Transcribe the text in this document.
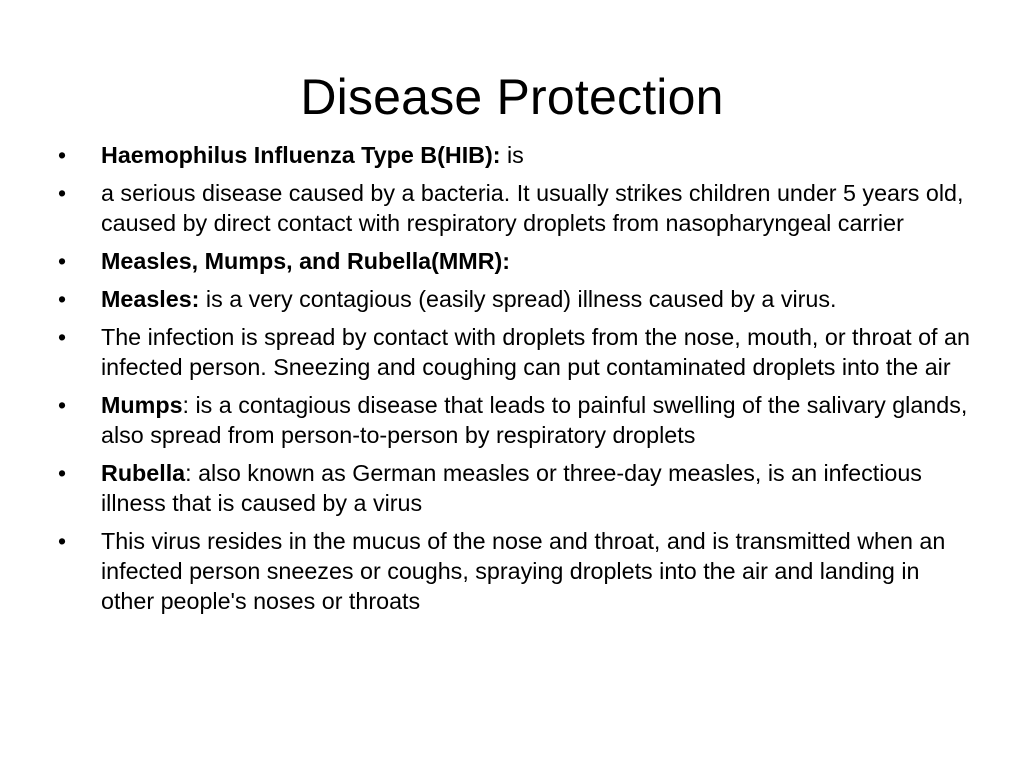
Disease Protection
•	Haemophilus Influenza Type B(HIB): is
•	a serious disease caused by a bacteria. It usually strikes children under 5 years old, caused by direct contact with respiratory droplets from nasopharyngeal carrier
•	Measles, Mumps, and Rubella(MMR):
•	Measles: is a very contagious (easily spread) illness caused by a virus.
•	The infection is spread by contact with droplets from the nose, mouth, or throat of an infected person. Sneezing and coughing can put contaminated droplets into the air
•	Mumps: is a contagious disease that leads to painful swelling of the salivary glands, also spread from person-to-person by respiratory droplets
•	Rubella: also known as German measles or three-day measles, is an infectious illness that is caused by a virus
•	This virus resides in the mucus of the nose and throat, and is transmitted when an infected person sneezes or coughs, spraying droplets into the air and landing in other people's noses or throats
